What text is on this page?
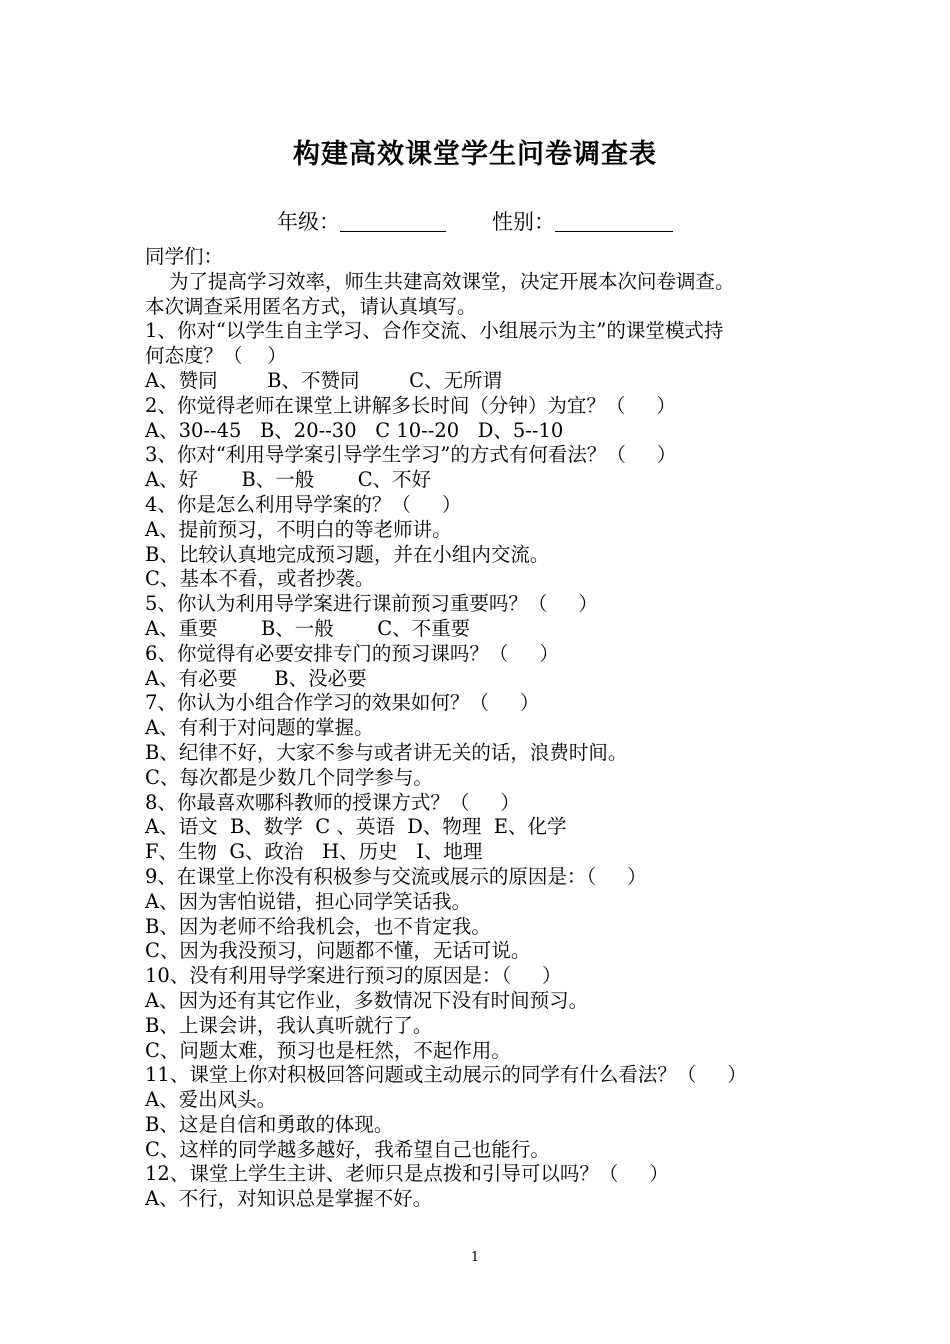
构建高效课堂学生问卷调查表
年级：	性别：
同学们：
为了提高学习效率，师生共建高效课堂，决定开展本次问卷调查。
本次调查采用匿名方式，请认真填写。
1、你对“以学生自主学习、合作交流、小组展示为主”的课堂模式持
何态度？（    ）
A、赞同        B、不赞同        C、无所谓
2、你觉得老师在课堂上讲解多长时间（分钟）为宜？（     ）
A、30--45   B、20--30   C 10--20   D、5--10
3、你对“利用导学案引导学生学习”的方式有何看法？（     ）
A、好       B、一般       C、不好
4、你是怎么利用导学案的？（     ）
A、提前预习，不明白的等老师讲。
B、比较认真地完成预习题，并在小组内交流。
C、基本不看，或者抄袭。
5、你认为利用导学案进行课前预习重要吗？（     ）
A、重要       B、一般       C、不重要
6、你觉得有必要安排专门的预习课吗？（     ）
A、有必要      B、没必要
7、你认为小组合作学习的效果如何？（     ）
A、有利于对问题的掌握。
B、纪律不好，大家不参与或者讲无关的话，浪费时间。
C、每次都是少数几个同学参与。
8、你最喜欢哪科教师的授课方式？（     ）
A、语文  B、数学  C 、英语  D、物理  E、化学
F、生物  G、政治   H、历史   I、地理
9、在课堂上你没有积极参与交流或展示的原因是：（     ）
A、因为害怕说错，担心同学笑话我。
B、因为老师不给我机会，也不肯定我。
C、因为我没预习，问题都不懂，无话可说。
10、没有利用导学案进行预习的原因是：（     ）
A、因为还有其它作业，多数情况下没有时间预习。
B、上课会讲，我认真听就行了。
C、问题太难，预习也是枉然，不起作用。
11、课堂上你对积极回答问题或主动展示的同学有什么看法？（     ）
A、爱出风头。
B、这是自信和勇敢的体现。
C、这样的同学越多越好，我希望自己也能行。
12、课堂上学生主讲、老师只是点拨和引导可以吗？（     ）
A、不行，对知识总是掌握不好。
1
